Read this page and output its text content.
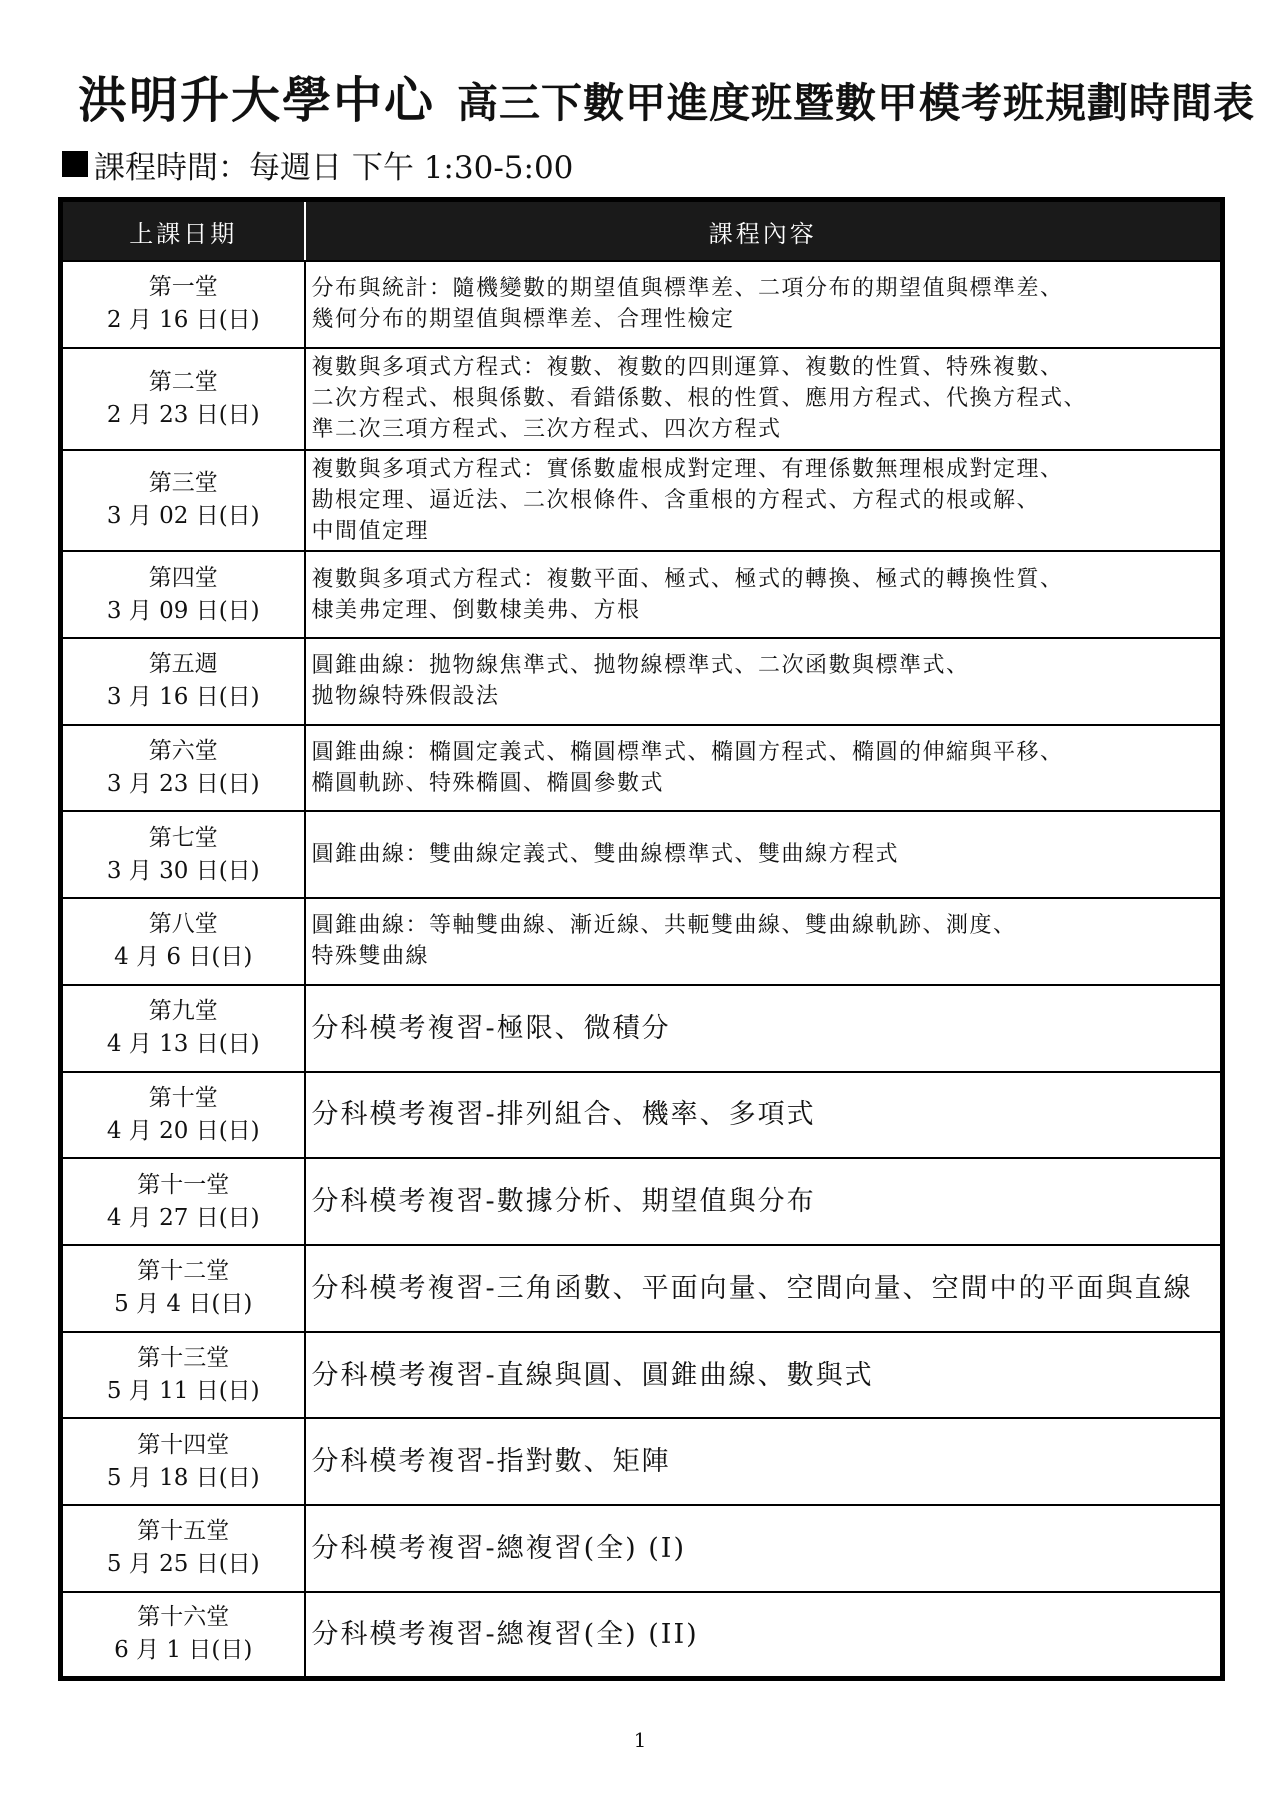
洪明升大學中心 高三下數甲進度班暨數甲模考班規劃時間表
課程時間：每週日 下午 1:30-5:00
上課日期	課程內容

第一堂
2 月 16 日(日)	分布與統計：隨機變數的期望值與標準差、二項分布的期望值與標準差、
幾何分布的期望值與標準差、合理性檢定

第二堂
2 月 23 日(日)	複數與多項式方程式：複數、複數的四則運算、複數的性質、特殊複數、
二次方程式、根與係數、看錯係數、根的性質、應用方程式、代換方程式、
準二次三項方程式、三次方程式、四次方程式

第三堂
3 月 02 日(日)	複數與多項式方程式：實係數虛根成對定理、有理係數無理根成對定理、
勘根定理、逼近法、二次根條件、含重根的方程式、方程式的根或解、
中間值定理

第四堂
3 月 09 日(日)	複數與多項式方程式：複數平面、極式、極式的轉換、極式的轉換性質、
棣美弗定理、倒數棣美弗、方根

第五週
3 月 16 日(日)	圓錐曲線：拋物線焦準式、拋物線標準式、二次函數與標準式、
拋物線特殊假設法

第六堂
3 月 23 日(日)	圓錐曲線：橢圓定義式、橢圓標準式、橢圓方程式、橢圓的伸縮與平移、
橢圓軌跡、特殊橢圓、橢圓參數式

第七堂
3 月 30 日(日)	圓錐曲線：雙曲線定義式、雙曲線標準式、雙曲線方程式

第八堂
4 月 6 日(日)	圓錐曲線：等軸雙曲線、漸近線、共軛雙曲線、雙曲線軌跡、測度、
特殊雙曲線

第九堂
4 月 13 日(日)	分科模考複習-極限、微積分

第十堂
4 月 20 日(日)	分科模考複習-排列組合、機率、多項式

第十一堂
4 月 27 日(日)	分科模考複習-數據分析、期望值與分布

第十二堂
5 月 4 日(日)	分科模考複習-三角函數、平面向量、空間向量、空間中的平面與直線

第十三堂
5 月 11 日(日)	分科模考複習-直線與圓、圓錐曲線、數與式

第十四堂
5 月 18 日(日)	分科模考複習-指對數、矩陣

第十五堂
5 月 25 日(日)	分科模考複習-總複習(全) (I)

第十六堂
6 月 1 日(日)	分科模考複習-總複習(全) (II)
1
